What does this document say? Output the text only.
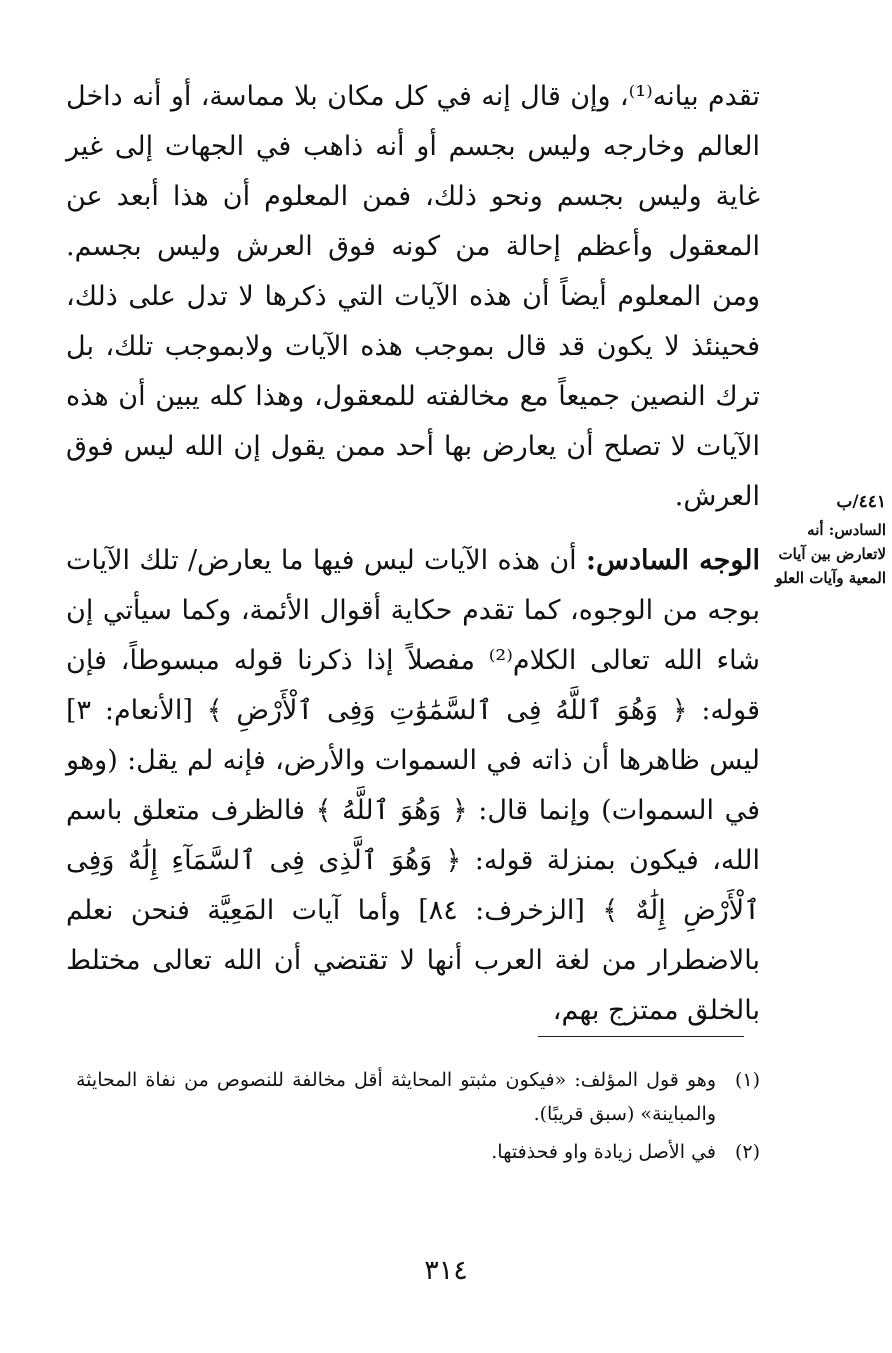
تقدم بيانه⁽¹⁾، وإن قال إنه في كل مكان بلا مماسة، أو أنه داخل العالم وخارجه وليس بجسم أو أنه ذاهب في الجهات إلى غير غاية وليس بجسم ونحو ذلك، فمن المعلوم أن هذا أبعد عن المعقول وأعظم إحالة من كونه فوق العرش وليس بجسم. ومن المعلوم أيضاً أن هذه الآيات التي ذكرها لا تدل على ذلك، فحينئذ لا يكون قد قال بموجب هذه الآيات ولابموجب تلك، بل ترك النصين جميعاً مع مخالفته للمعقول، وهذا كله يبين أن هذه الآيات لا تصلح أن يعارض بها أحد ممن يقول إن الله ليس فوق العرش.

الوجه السادس: أن هذه الآيات ليس فيها ما يعارض/ تلك الآيات بوجه من الوجوه، كما تقدم حكاية أقوال الأئمة، وكما سيأتي إن شاء الله تعالى الكلام⁽²⁾ مفصلاً إذا ذكرنا قوله مبسوطاً، فإن قوله: ﴿ وَهُوَ ٱللَّهُ فِى ٱلسَّمَٰوَٰتِ وَفِى ٱلْأَرْضِ ﴾ [الأنعام: ٣] ليس ظاهرها أن ذاته في السموات والأرض، فإنه لم يقل: (وهو في السموات) وإنما قال: ﴿ وَهُوَ ٱللَّهُ ﴾ فالظرف متعلق باسم الله، فيكون بمنزلة قوله: ﴿ وَهُوَ ٱلَّذِى فِى ٱلسَّمَآءِ إِلَٰهٌ وَفِى ٱلْأَرْضِ إِلَٰهٌ ﴾ [الزخرف: ٨٤] وأما آيات المَعِيَّة فنحن نعلم بالاضطرار من لغة العرب أنها لا تقتضي أن الله تعالى مختلط بالخلق ممتزج بهم،

٤٤١/ب
السادس: أنه لاتعارض بين آيات المعية وآيات العلو
(١)
وهو قول المؤلف: «فيكون مثبتو المحايثة أقل مخالفة للنصوص من نفاة المحايثة والمباينة» (سبق قريبًا).
(٢)
في الأصل زيادة واو فحذفتها.
٣١٤
